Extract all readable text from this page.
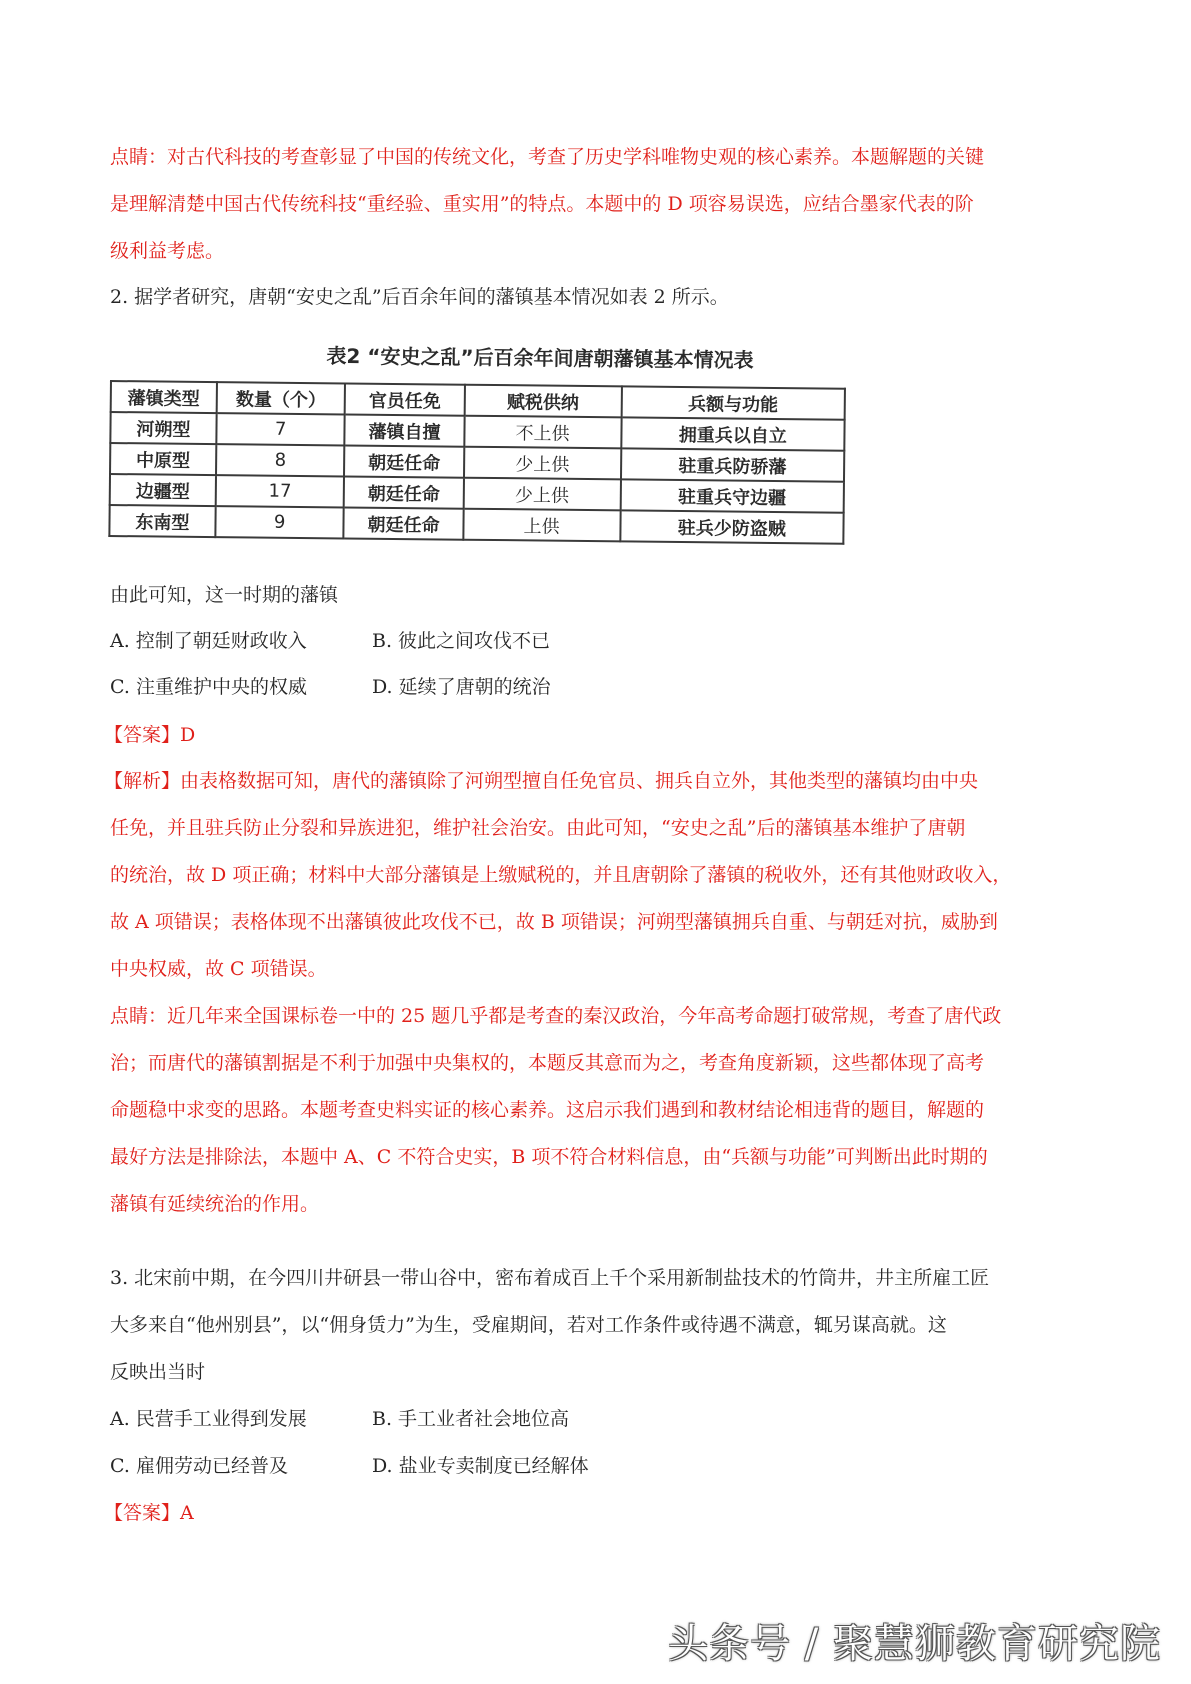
点睛：对古代科技的考查彰显了中国的传统文化，考查了历史学科唯物史观的核心素养。本题解题的关键
是理解清楚中国古代传统科技“重经验、重实用”的特点。本题中的 D 项容易误选，应结合墨家代表的阶
级利益考虑。
2. 据学者研究，唐朝“安史之乱”后百余年间的藩镇基本情况如表 2 所示。
表2 “安史之乱”后百余年间唐朝藩镇基本情况表
藩镇类型	数量（个）	官员任免	赋税供纳	兵额与功能
河朔型	7	藩镇自擅	不上供	拥重兵以自立
中原型	8	朝廷任命	少上供	驻重兵防骄藩
边疆型	17	朝廷任命	少上供	驻重兵守边疆
东南型	9	朝廷任命	上供	驻兵少防盗贼
由此可知，这一时期的藩镇
A. 控制了朝廷财政收入	B. 彼此之间攻伐不已
C. 注重维护中央的权威	D. 延续了唐朝的统治
【答案】D
【解析】由表格数据可知，唐代的藩镇除了河朔型擅自任免官员、拥兵自立外，其他类型的藩镇均由中央
任免，并且驻兵防止分裂和异族进犯，维护社会治安。由此可知，“安史之乱”后的藩镇基本维护了唐朝
的统治，故 D 项正确；材料中大部分藩镇是上缴赋税的，并且唐朝除了藩镇的税收外，还有其他财政收入，
故 A 项错误；表格体现不出藩镇彼此攻伐不已，故 B 项错误；河朔型藩镇拥兵自重、与朝廷对抗，威胁到
中央权威，故 C 项错误。
点睛：近几年来全国课标卷一中的 25 题几乎都是考查的秦汉政治，今年高考命题打破常规，考查了唐代政
治；而唐代的藩镇割据是不利于加强中央集权的，本题反其意而为之，考查角度新颖，这些都体现了高考
命题稳中求变的思路。本题考查史料实证的核心素养。这启示我们遇到和教材结论相违背的题目，解题的
最好方法是排除法，本题中 A、C 不符合史实，B 项不符合材料信息，由“兵额与功能”可判断出此时期的
藩镇有延续统治的作用。
3. 北宋前中期，在今四川井研县一带山谷中，密布着成百上千个采用新制盐技术的竹筒井，井主所雇工匠
大多来自“他州别县”，以“佣身赁力”为生，受雇期间，若对工作条件或待遇不满意，辄另谋高就。这
反映出当时
A. 民营手工业得到发展	B. 手工业者社会地位高
C. 雇佣劳动已经普及	D. 盐业专卖制度已经解体
【答案】A
头条号 / 聚慧狮教育研究院
